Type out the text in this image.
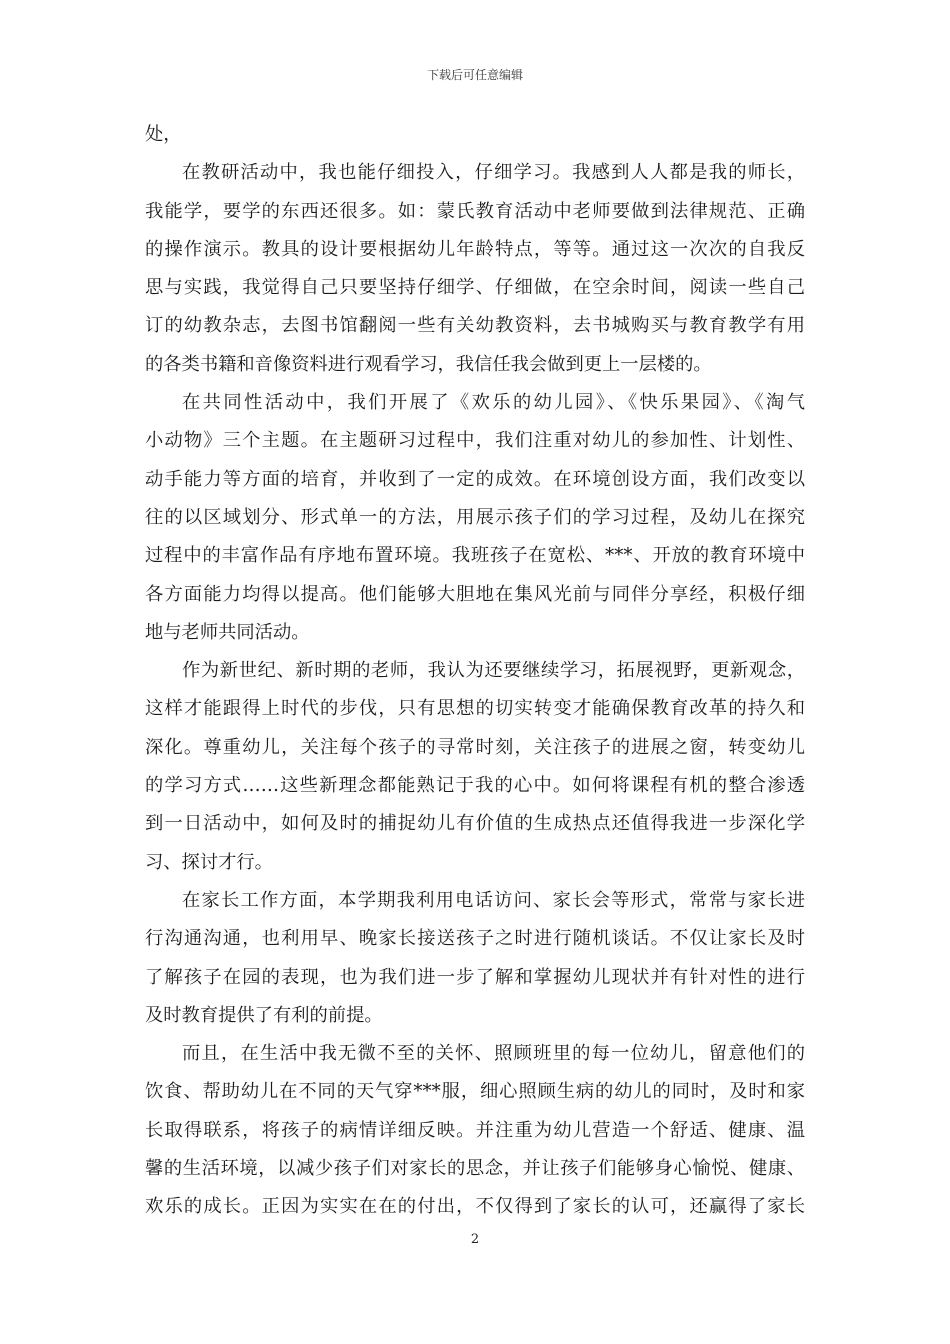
下载后可任意编辑
处，
在教研活动中，我也能仔细投入，仔细学习。我感到人人都是我的师长，
我能学，要学的东西还很多。如：蒙氏教育活动中老师要做到法律规范、正确
的操作演示。教具的设计要根据幼儿年龄特点，等等。通过这一次次的自我反
思与实践，我觉得自己只要坚持仔细学、仔细做，在空余时间，阅读一些自己
订的幼教杂志，去图书馆翻阅一些有关幼教资料，去书城购买与教育教学有用
的各类书籍和音像资料进行观看学习，我信任我会做到更上一层楼的。
在共同性活动中，我们开展了《欢乐的幼儿园》、《快乐果园》、《淘气
小动物》三个主题。在主题研习过程中，我们注重对幼儿的参加性、计划性、
动手能力等方面的培育，并收到了一定的成效。在环境创设方面，我们改变以
往的以区域划分、形式单一的方法，用展示孩子们的学习过程，及幼儿在探究
过程中的丰富作品有序地布置环境。我班孩子在宽松、***、开放的教育环境中
各方面能力均得以提高。他们能够大胆地在集风光前与同伴分享经，积极仔细
地与老师共同活动。
作为新世纪、新时期的老师，我认为还要继续学习，拓展视野，更新观念，
这样才能跟得上时代的步伐，只有思想的切实转变才能确保教育改革的持久和
深化。尊重幼儿，关注每个孩子的寻常时刻，关注孩子的进展之窗，转变幼儿
的学习方式……这些新理念都能熟记于我的心中。如何将课程有机的整合渗透
到一日活动中，如何及时的捕捉幼儿有价值的生成热点还值得我进一步深化学
习、探讨才行。
在家长工作方面，本学期我利用电话访问、家长会等形式，常常与家长进
行沟通沟通，也利用早、晚家长接送孩子之时进行随机谈话。不仅让家长及时
了解孩子在园的表现，也为我们进一步了解和掌握幼儿现状并有针对性的进行
及时教育提供了有利的前提。
而且，在生活中我无微不至的关怀、照顾班里的每一位幼儿，留意他们的
饮食、帮助幼儿在不同的天气穿***服，细心照顾生病的幼儿的同时，及时和家
长取得联系，将孩子的病情详细反映。并注重为幼儿营造一个舒适、健康、温
馨的生活环境，以减少孩子们对家长的思念，并让孩子们能够身心愉悦、健康、
欢乐的成长。正因为实实在在的付出，不仅得到了家长的认可，还赢得了家长
2
